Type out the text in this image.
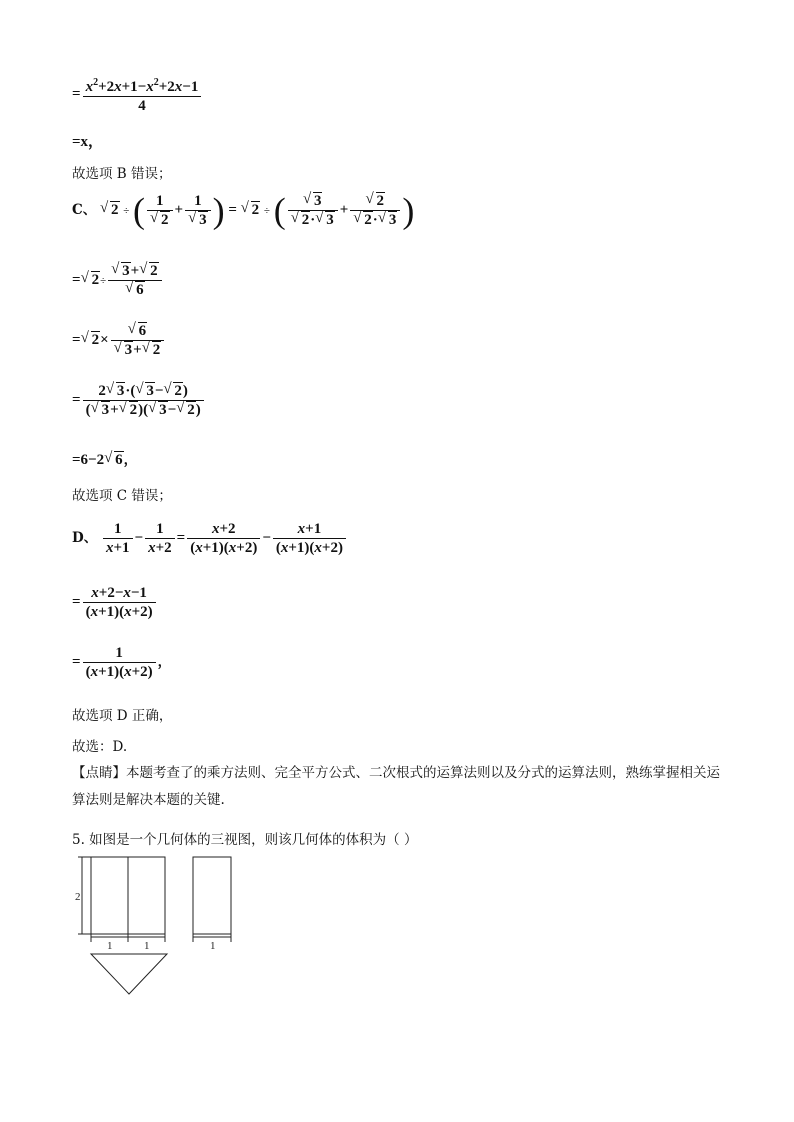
= $\frac{x^2+2x+1-x^2+2x-1}{4}$
=x，
故选项 B 错误；
C、 √ 2 ÷ ( 1
√ 2 + 1
√ 3 ) = √ 2 ÷ ( √ 3
√ 2· √ 3 + √ 2
√ 2· √ 3 )
= √ 2÷ √ 3+ √ 2
√ 6
= √ 2× √ 6
√ 3+ √ 2
= $\frac{2 √ 3\cdot( √ 3- √ 2)}{( √ 3+ √ 2)( √ 3- √ 2)}$
=6−2 √ 6，
故选项 C 错误；
D、 $\frac{1}{x+1} - \frac{1}{x+2} = \frac{x+2}{(x+1)(x+2)} - \frac{x+1}{(x+1)(x+2)}$
= $\frac{x+2-x-1}{(x+1)(x+2)}$
= $\frac{1}{(x+1)(x+2)}$ ，
故选项 D 正确，
故选：D.
【点睛】本题考查了的乘方法则、完全平方公式、二次根式的运算法则以及分式的运算法则，熟练掌握相关运算法则是解决本题的关键.
5. 如图是一个几何体的三视图，则该几何体的体积为（ ）
2
1	1	1
